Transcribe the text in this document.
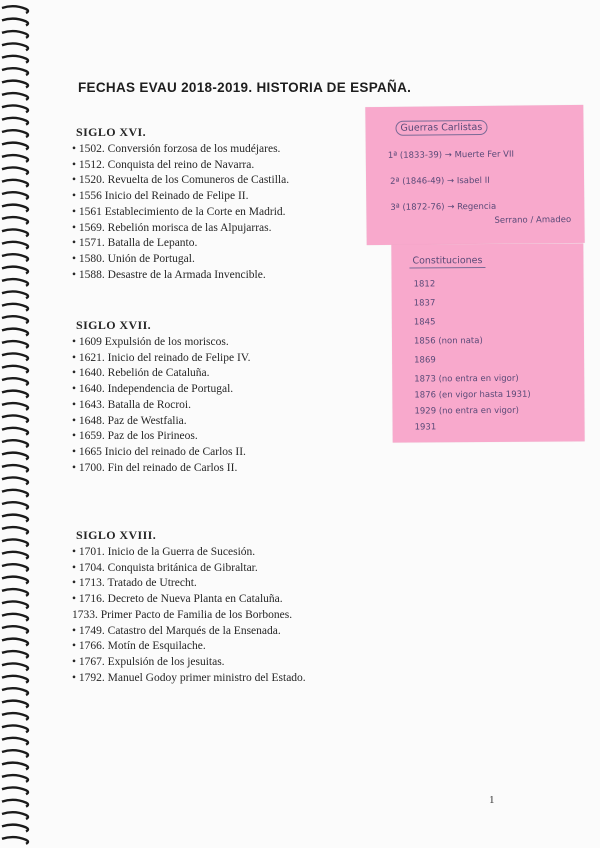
FECHAS EVAU 2018-2019. HISTORIA DE ESPAÑA.
SIGLO XVI.
• 1502. Conversión forzosa de los mudéjares.
• 1512. Conquista del reino de Navarra.
• 1520. Revuelta de los Comuneros de Castilla.
• 1556 Inicio del Reinado de Felipe II.
• 1561 Establecimiento de la Corte en Madrid.
• 1569. Rebelión morisca de las Alpujarras.
• 1571. Batalla de Lepanto.
• 1580. Unión de Portugal.
• 1588. Desastre de la Armada Invencible.
SIGLO XVII.
• 1609 Expulsión de los moriscos.
• 1621. Inicio del reinado de Felipe IV.
• 1640. Rebelión de Cataluña.
• 1640. Independencia de Portugal.
• 1643. Batalla de Rocroi.
• 1648. Paz de Westfalia.
• 1659. Paz de los Pirineos.
• 1665 Inicio del reinado de Carlos II.
• 1700. Fin del reinado de Carlos II.
SIGLO XVIII.
• 1701. Inicio de la Guerra de Sucesión.
• 1704. Conquista británica de Gibraltar.
• 1713. Tratado de Utrecht.
• 1716. Decreto de Nueva Planta en Cataluña.
1733. Primer Pacto de Familia de los Borbones.
• 1749. Catastro del Marqués de la Ensenada.
• 1766. Motín de Esquilache.
• 1767. Expulsión de los jesuitas.
• 1792. Manuel Godoy primer ministro del Estado.
Guerras Carlistas
1ª (1833-39) → Muerte Fer VII
2ª (1846-49) → Isabel II
3ª (1872-76) → Regencia
Serrano / Amadeo
Constituciones
1812
1837
1845
1856 (non nata)
1869
1873 (no entra en vigor)
1876 (en vigor hasta 1931)
1929 (no entra en vigor)
1931
1
